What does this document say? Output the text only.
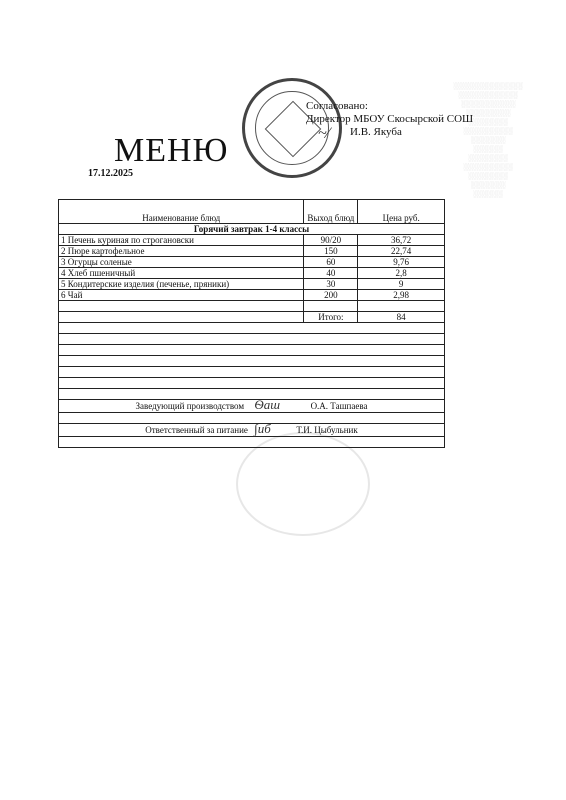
░░░░░░░░░░░░░░
░░░░░░░░░░░░
░░░░░░░░░░░
░░░░░░░░░
░░░░░░░░
░░░░░░░░░░
░░░░░░░
░░░░░░
░░░░░░░░
░░░░░░░░░░
░░░░░░░░
░░░░░░░
░░░░░░
Согласовано:
Директор МБОУ Скосырской СОШ
И.В. Якуба
~∕
МЕНЮ
17.12.2025
Наименование блюд	Выход блюд	Цена руб.
Горячий завтрак 1-4 классы		
1 Печень куриная по строгановски	90/20	36,72
2 Пюре картофельное	150	22,74
3 Огурцы соленые	60	9,76
4 Хлеб пшеничный	40	2,8
5 Кондитерские изделия (печенье, пряники)	30	9
6 Чай	200	2,98

	Итого:	84

Заведующий производством Ѳаш О.А. Ташпаева		

Ответственный за питание ∫иб Т.И. Цыбульник		
